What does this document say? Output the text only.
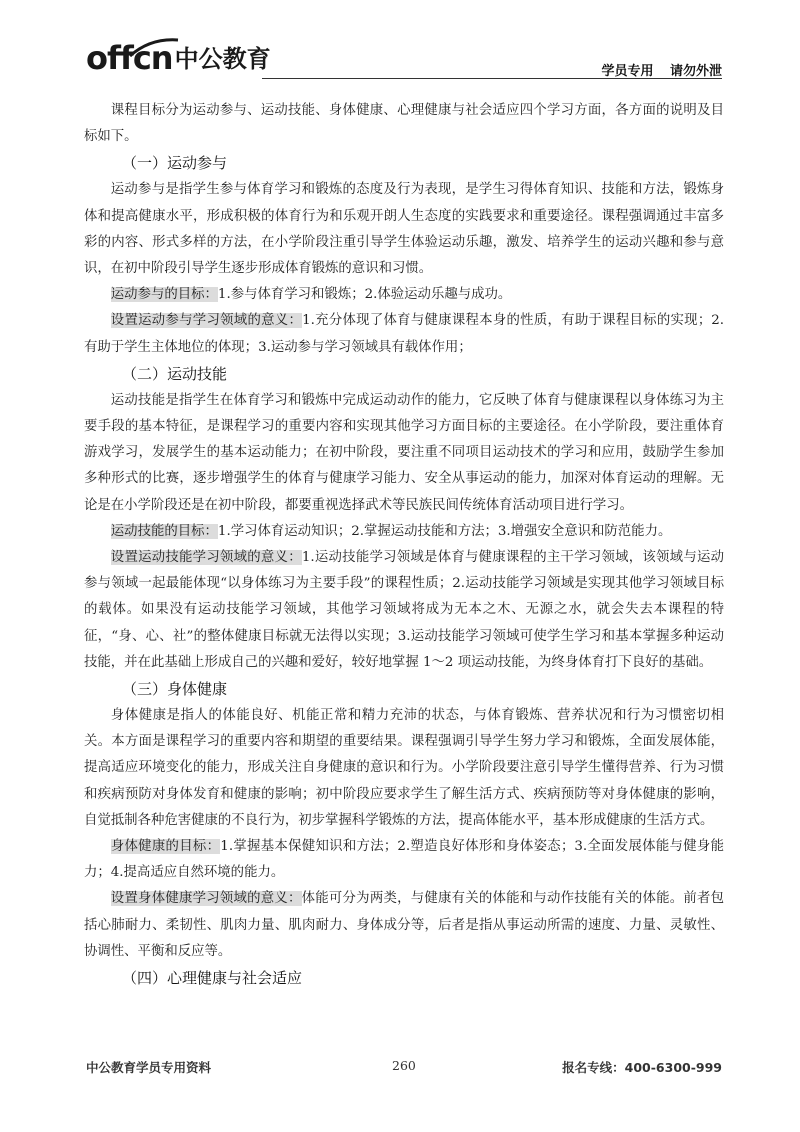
offcn 中公教育	学员专用 请勿外泄

课程目标分为运动参与、运动技能、身体健康、心理健康与社会适应四个学习方面，各方面的说明及目标如下。

（一）运动参与

运动参与是指学生参与体育学习和锻炼的态度及行为表现，是学生习得体育知识、技能和方法，锻炼身体和提高健康水平，形成积极的体育行为和乐观开朗人生态度的实践要求和重要途径。课程强调通过丰富多彩的内容、形式多样的方法，在小学阶段注重引导学生体验运动乐趣，激发、培养学生的运动兴趣和参与意识，在初中阶段引导学生逐步形成体育锻炼的意识和习惯。

运动参与的目标：1.参与体育学习和锻炼；2.体验运动乐趣与成功。

设置运动参与学习领域的意义：1.充分体现了体育与健康课程本身的性质，有助于课程目标的实现；2.有助于学生主体地位的体现；3.运动参与学习领域具有载体作用；

（二）运动技能

运动技能是指学生在体育学习和锻炼中完成运动动作的能力，它反映了体育与健康课程以身体练习为主要手段的基本特征，是课程学习的重要内容和实现其他学习方面目标的主要途径。在小学阶段，要注重体育游戏学习，发展学生的基本运动能力；在初中阶段，要注重不同项目运动技术的学习和应用，鼓励学生参加多种形式的比赛，逐步增强学生的体育与健康学习能力、安全从事运动的能力，加深对体育运动的理解。无论是在小学阶段还是在初中阶段，都要重视选择武术等民族民间传统体育活动项目进行学习。

运动技能的目标：1.学习体育运动知识；2.掌握运动技能和方法；3.增强安全意识和防范能力。

设置运动技能学习领域的意义：1.运动技能学习领域是体育与健康课程的主干学习领域，该领域与运动参与领域一起最能体现“以身体练习为主要手段”的课程性质；2.运动技能学习领域是实现其他学习领域目标的载体。如果没有运动技能学习领域，其他学习领域将成为无本之木、无源之水，就会失去本课程的特征，“身、心、社”的整体健康目标就无法得以实现；3.运动技能学习领域可使学生学习和基本掌握多种运动技能，并在此基础上形成自己的兴趣和爱好，较好地掌握 1～2 项运动技能，为终身体育打下良好的基础。

（三）身体健康

身体健康是指人的体能良好、机能正常和精力充沛的状态，与体育锻炼、营养状况和行为习惯密切相关。本方面是课程学习的重要内容和期望的重要结果。课程强调引导学生努力学习和锻炼，全面发展体能，提高适应环境变化的能力，形成关注自身健康的意识和行为。小学阶段要注意引导学生懂得营养、行为习惯和疾病预防对身体发育和健康的影响；初中阶段应要求学生了解生活方式、疾病预防等对身体健康的影响，自觉抵制各种危害健康的不良行为，初步掌握科学锻炼的方法，提高体能水平，基本形成健康的生活方式。

身体健康的目标：1.掌握基本保健知识和方法；2.塑造良好体形和身体姿态；3.全面发展体能与健身能力；4.提高适应自然环境的能力。

设置身体健康学习领域的意义：体能可分为两类，与健康有关的体能和与动作技能有关的体能。前者包括心肺耐力、柔韧性、肌肉力量、肌肉耐力、身体成分等，后者是指从事运动所需的速度、力量、灵敏性、协调性、平衡和反应等。

（四）心理健康与社会适应
中公教育学员专用资料	260	报名专线：400-6300-999
